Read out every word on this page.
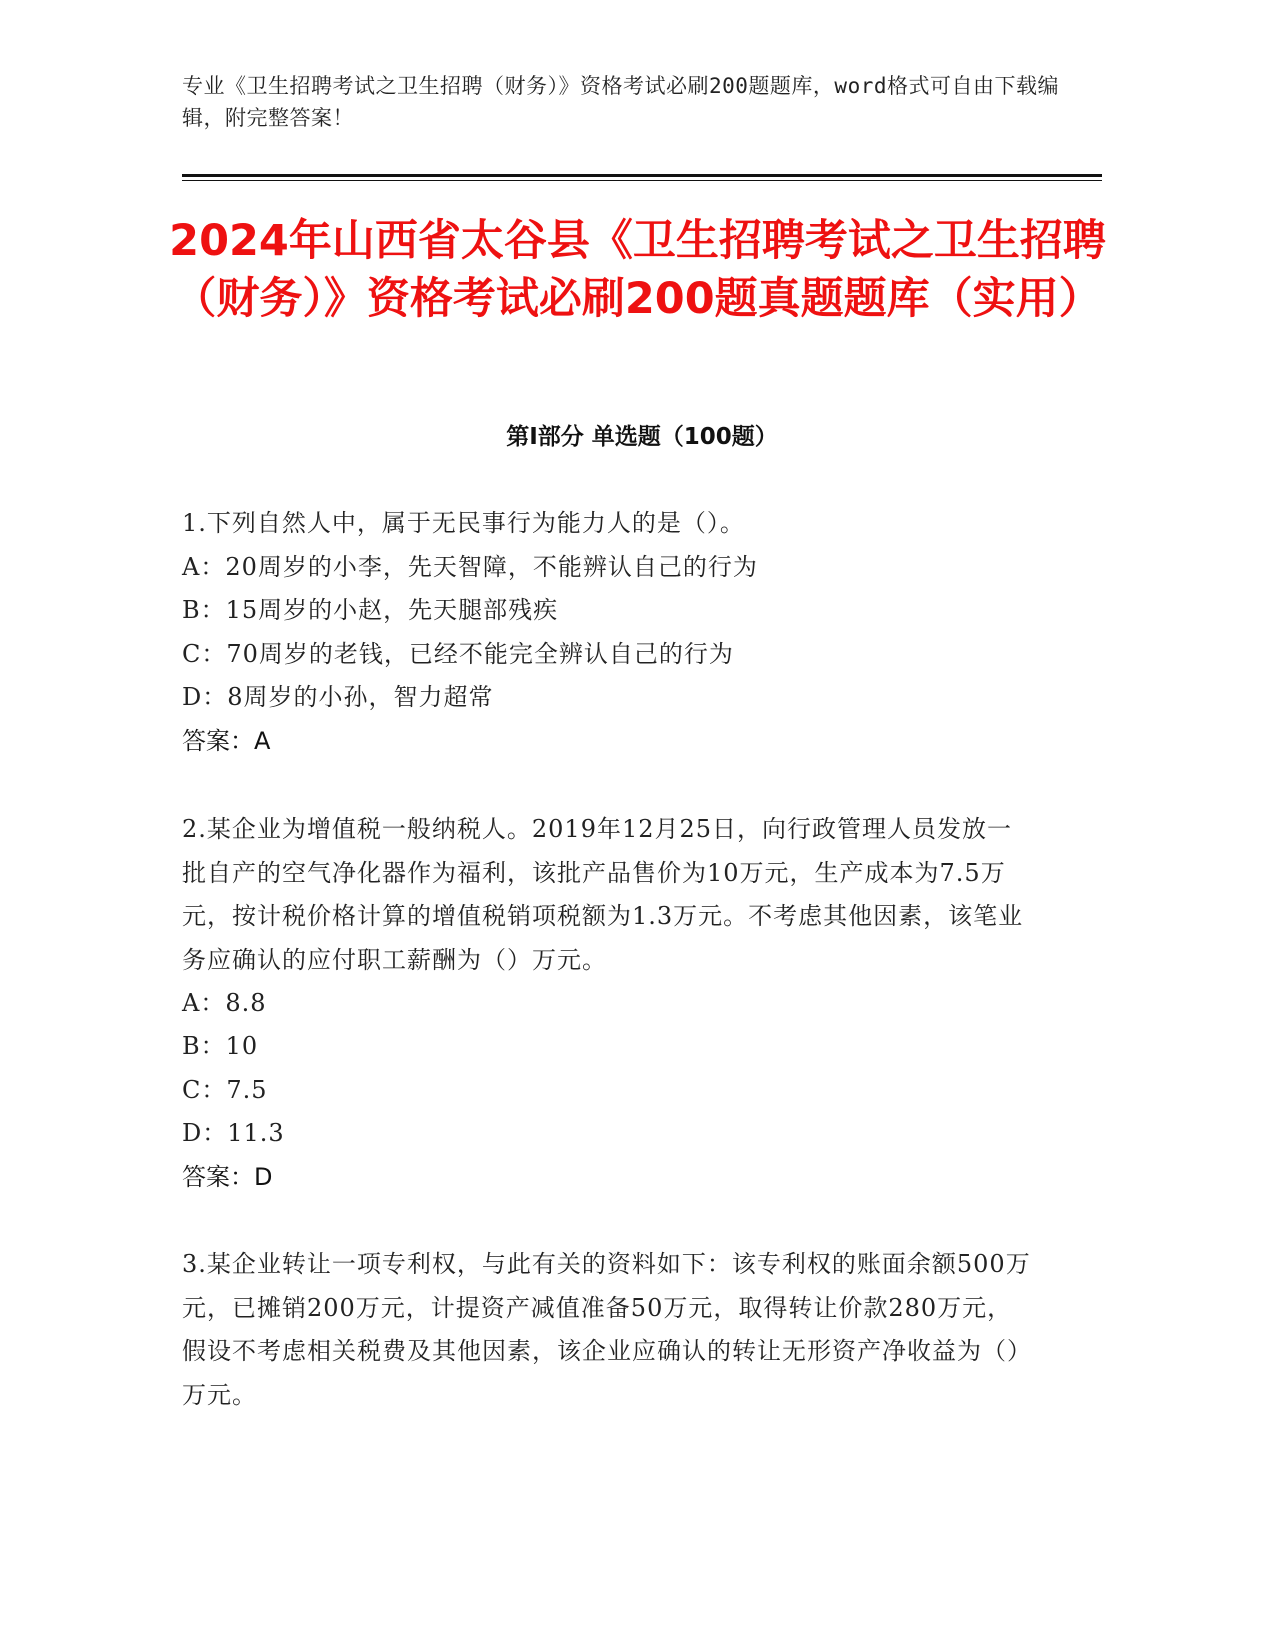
专业《卫生招聘考试之卫生招聘（财务）》资格考试必刷200题题库，word格式可自由下载编辑，附完整答案！
2024年山西省太谷县《卫生招聘考试之卫生招聘（财务）》资格考试必刷200题真题题库（实用）
第I部分 单选题（100题）
1.下列自然人中，属于无民事行为能力人的是（）。
A：20周岁的小李，先天智障，不能辨认自己的行为
B：15周岁的小赵，先天腿部残疾
C：70周岁的老钱，已经不能完全辨认自己的行为
D：8周岁的小孙，智力超常
答案：A
2.某企业为增值税一般纳税人。2019年12月25日，向行政管理人员发放一批自产的空气净化器作为福利，该批产品售价为10万元，生产成本为7.5万元，按计税价格计算的增值税销项税额为1.3万元。不考虑其他因素，该笔业务应确认的应付职工薪酬为（）万元。
A：8.8
B：10
C：7.5
D：11.3
答案：D
3.某企业转让一项专利权，与此有关的资料如下：该专利权的账面余额500万元，已摊销200万元，计提资产减值准备50万元，取得转让价款280万元，假设不考虑相关税费及其他因素，该企业应确认的转让无形资产净收益为（）万元。
